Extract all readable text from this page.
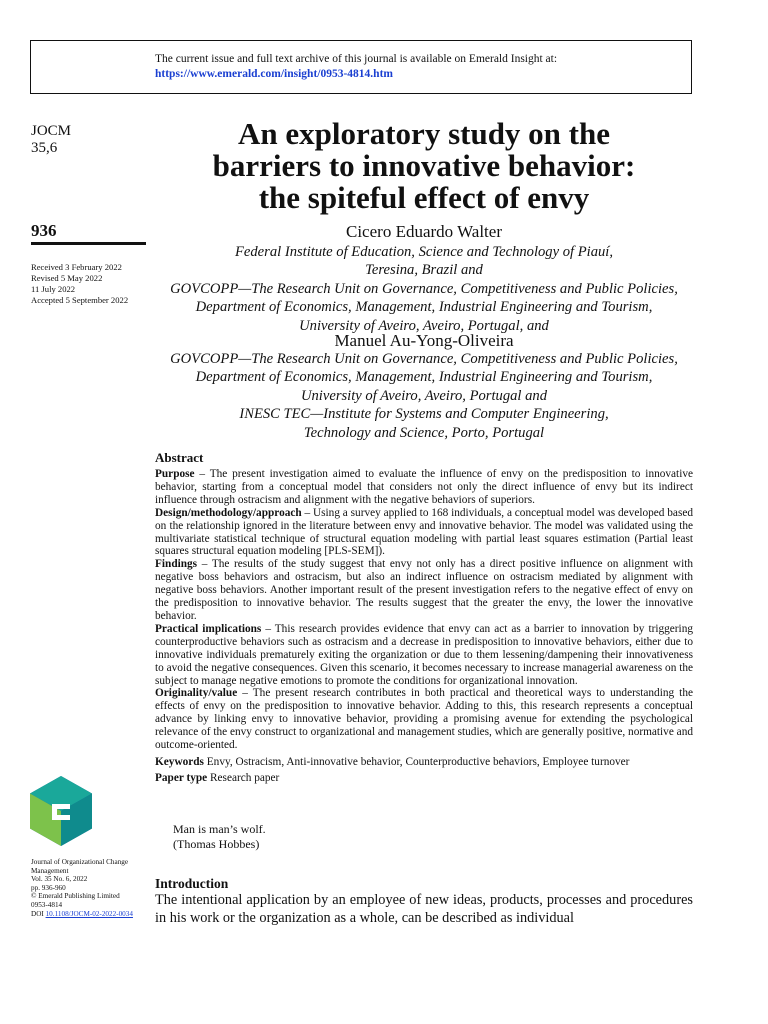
The current issue and full text archive of this journal is available on Emerald Insight at:
https://www.emerald.com/insight/0953-4814.htm
JOCM
35,6
936
Received 3 February 2022
Revised 5 May 2022
11 July 2022
Accepted 5 September 2022
An exploratory study on the
barriers to innovative behavior:
the spiteful effect of envy
Cicero Eduardo Walter
Federal Institute of Education, Science and Technology of Piauí,
Teresina, Brazil and
GOVCOPP—The Research Unit on Governance, Competitiveness and Public Policies,
Department of Economics, Management, Industrial Engineering and Tourism,
University of Aveiro, Aveiro, Portugal, and
Manuel Au-Yong-Oliveira
GOVCOPP—The Research Unit on Governance, Competitiveness and Public Policies,
Department of Economics, Management, Industrial Engineering and Tourism,
University of Aveiro, Aveiro, Portugal and
INESC TEC—Institute for Systems and Computer Engineering,
Technology and Science, Porto, Portugal
Abstract

Purpose – The present investigation aimed to evaluate the influence of envy on the predisposition to innovative behavior, starting from a conceptual model that considers not only the direct influence of envy but its indirect influence through ostracism and alignment with the negative behaviors of superiors.

Design/methodology/approach – Using a survey applied to 168 individuals, a conceptual model was developed based on the relationship ignored in the literature between envy and innovative behavior. The model was validated using the multivariate statistical technique of structural equation modeling with partial least squares estimation (Partial least squares structural equation modeling [PLS-SEM]).

Findings – The results of the study suggest that envy not only has a direct positive influence on alignment with negative boss behaviors and ostracism, but also an indirect influence on ostracism mediated by alignment with negative boss behaviors. Another important result of the present investigation refers to the negative effect of envy on the predisposition to innovative behavior. The results suggest that the greater the envy, the lower the innovative behavior.

Practical implications – This research provides evidence that envy can act as a barrier to innovation by triggering counterproductive behaviors such as ostracism and a decrease in predisposition to innovative behaviors, either due to innovative individuals prematurely exiting the organization or due to them lessening/dampening their innovativeness to avoid the negative consequences. Given this scenario, it becomes necessary to increase managerial awareness on the subject to manage negative emotions to promote the conditions for organizational innovation.

Originality/value – The present research contributes in both practical and theoretical ways to understanding the effects of envy on the predisposition to innovative behavior. Adding to this, this research represents a conceptual advance by linking envy to innovative behavior, providing a promising avenue for extending the psychological relevance of the envy construct to organizational and management studies, which are generally positive, normative and outcome-oriented.

Keywords Envy, Ostracism, Anti-innovative behavior, Counterproductive behaviors, Employee turnover
Paper type Research paper
Man is man’s wolf.
(Thomas Hobbes)
Journal of Organizational Change
Management
Vol. 35 No. 6, 2022
pp. 936-960
© Emerald Publishing Limited
0953-4814
DOI 10.1108/JOCM-02-2022-0034
Introduction
The intentional application by an employee of new ideas, products, processes and procedures in his work or the organization as a whole, can be described as individual
